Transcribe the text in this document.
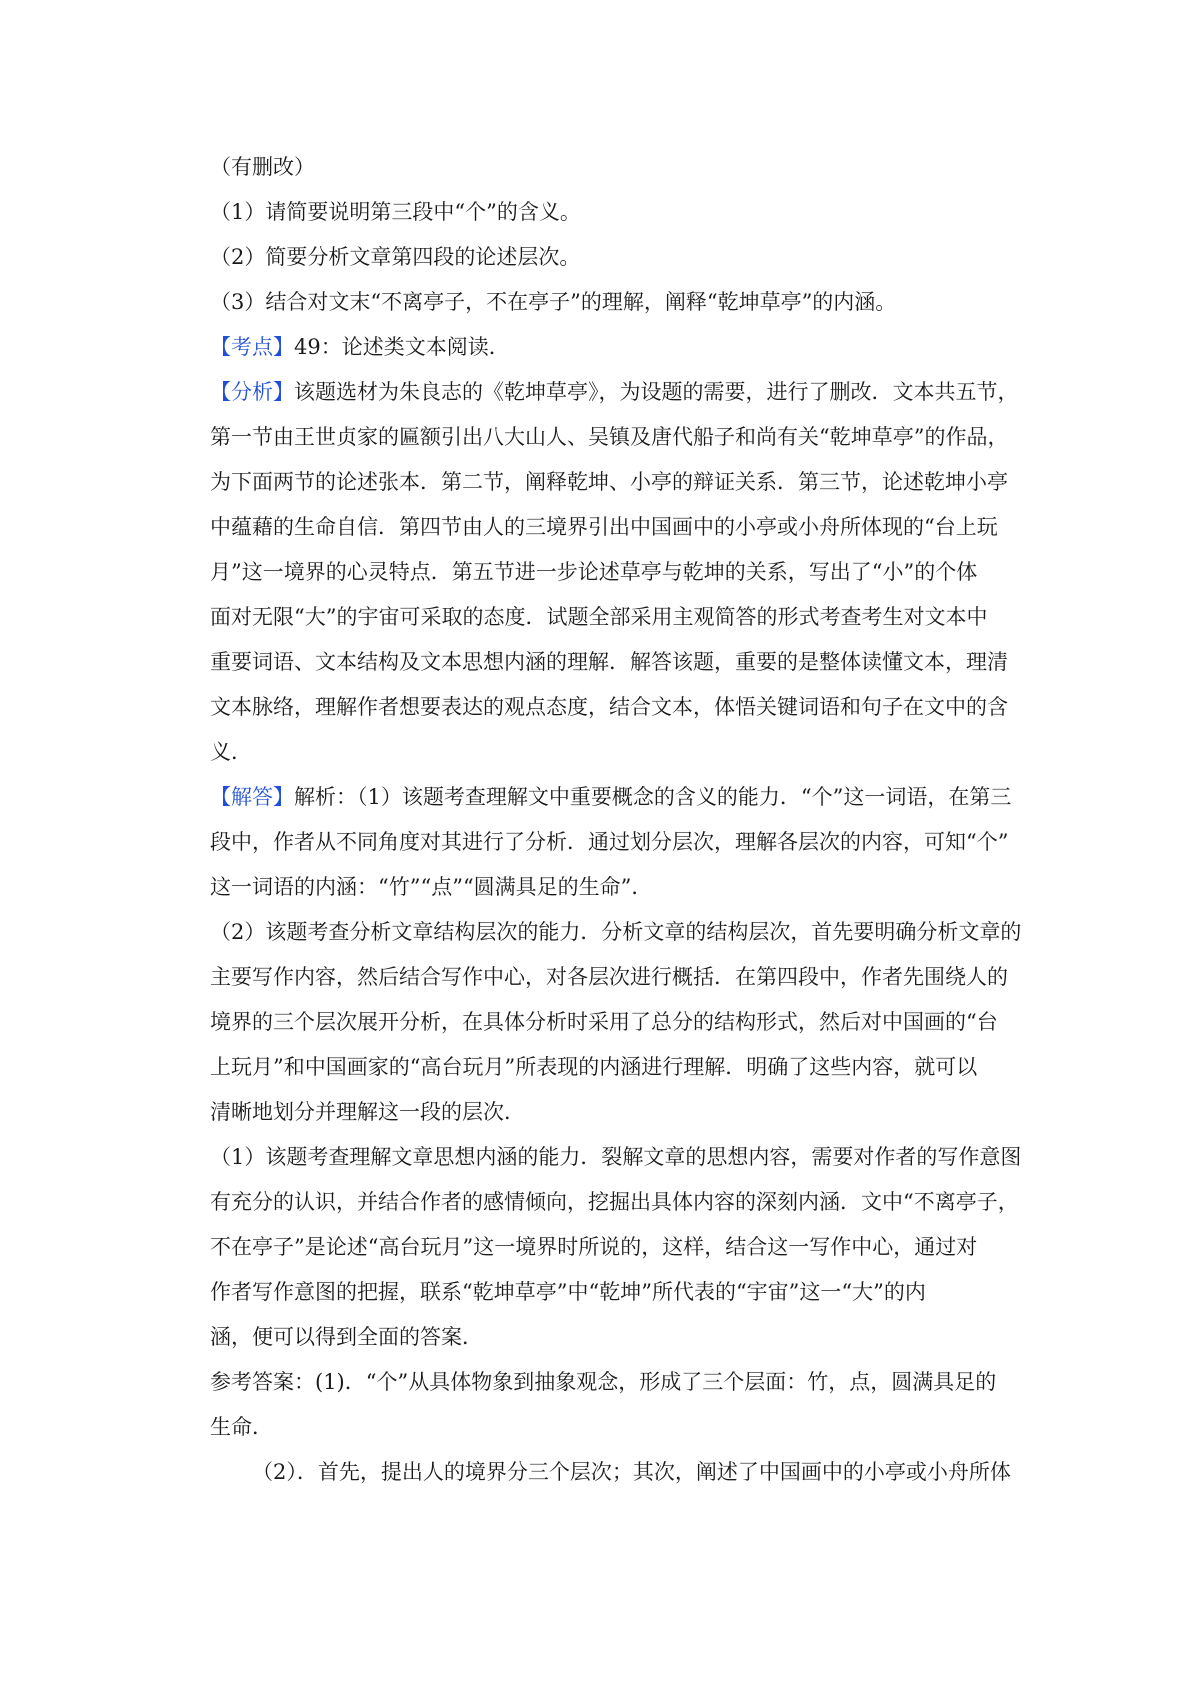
（有删改）
（1）请简要说明第三段中“个”的含义。
（2）简要分析文章第四段的论述层次。
（3）结合对文末“不离亭子，不在亭子”的理解，阐释“乾坤草亭”的内涵。
【考点】49：论述类文本阅读．
【分析】该题选材为朱良志的《乾坤草亭》，为设题的需要，进行了删改．文本共五节，
第一节由王世贞家的匾额引出八大山人、吴镇及唐代船子和尚有关“乾坤草亭”的作品，
为下面两节的论述张本．第二节，阐释乾坤、小亭的辩证关系．第三节，论述乾坤小亭
中蕴藉的生命自信．第四节由人的三境界引出中国画中的小亭或小舟所体现的“台上玩
月”这一境界的心灵特点．第五节进一步论述草亭与乾坤的关系，写出了“小”的个体
面对无限“大”的宇宙可采取的态度．试题全部采用主观简答的形式考查考生对文本中
重要词语、文本结构及文本思想内涵的理解．解答该题，重要的是整体读懂文本，理清
文本脉络，理解作者想要表达的观点态度，结合文本，体悟关键词语和句子在文中的含
义．
【解答】解析：（1）该题考查理解文中重要概念的含义的能力．“个”这一词语，在第三
段中，作者从不同角度对其进行了分析．通过划分层次，理解各层次的内容，可知“个”
这一词语的内涵：“竹”“点”“圆满具足的生命”．
（2）该题考查分析文章结构层次的能力．分析文章的结构层次，首先要明确分析文章的
主要写作内容，然后结合写作中心，对各层次进行概括．在第四段中，作者先围绕人的
境界的三个层次展开分析，在具体分析时采用了总分的结构形式，然后对中国画的“台
上玩月”和中国画家的“高台玩月”所表现的内涵进行理解．明确了这些内容，就可以
清晰地划分并理解这一段的层次．
（1）该题考查理解文章思想内涵的能力．裂解文章的思想内容，需要对作者的写作意图
有充分的认识，并结合作者的感情倾向，挖掘出具体内容的深刻内涵．文中“不离亭子，
不在亭子”是论述“高台玩月”这一境界时所说的，这样，结合这一写作中心，通过对
作者写作意图的把握，联系“乾坤草亭”中“乾坤”所代表的“宇宙”这一“大”的内
涵，便可以得到全面的答案．
参考答案：(1)．“个”从具体物象到抽象观念，形成了三个层面：竹，点，圆满具足的
生命．
（2）．首先，提出人的境界分三个层次；其次，阐述了中国画中的小亭或小舟所体
